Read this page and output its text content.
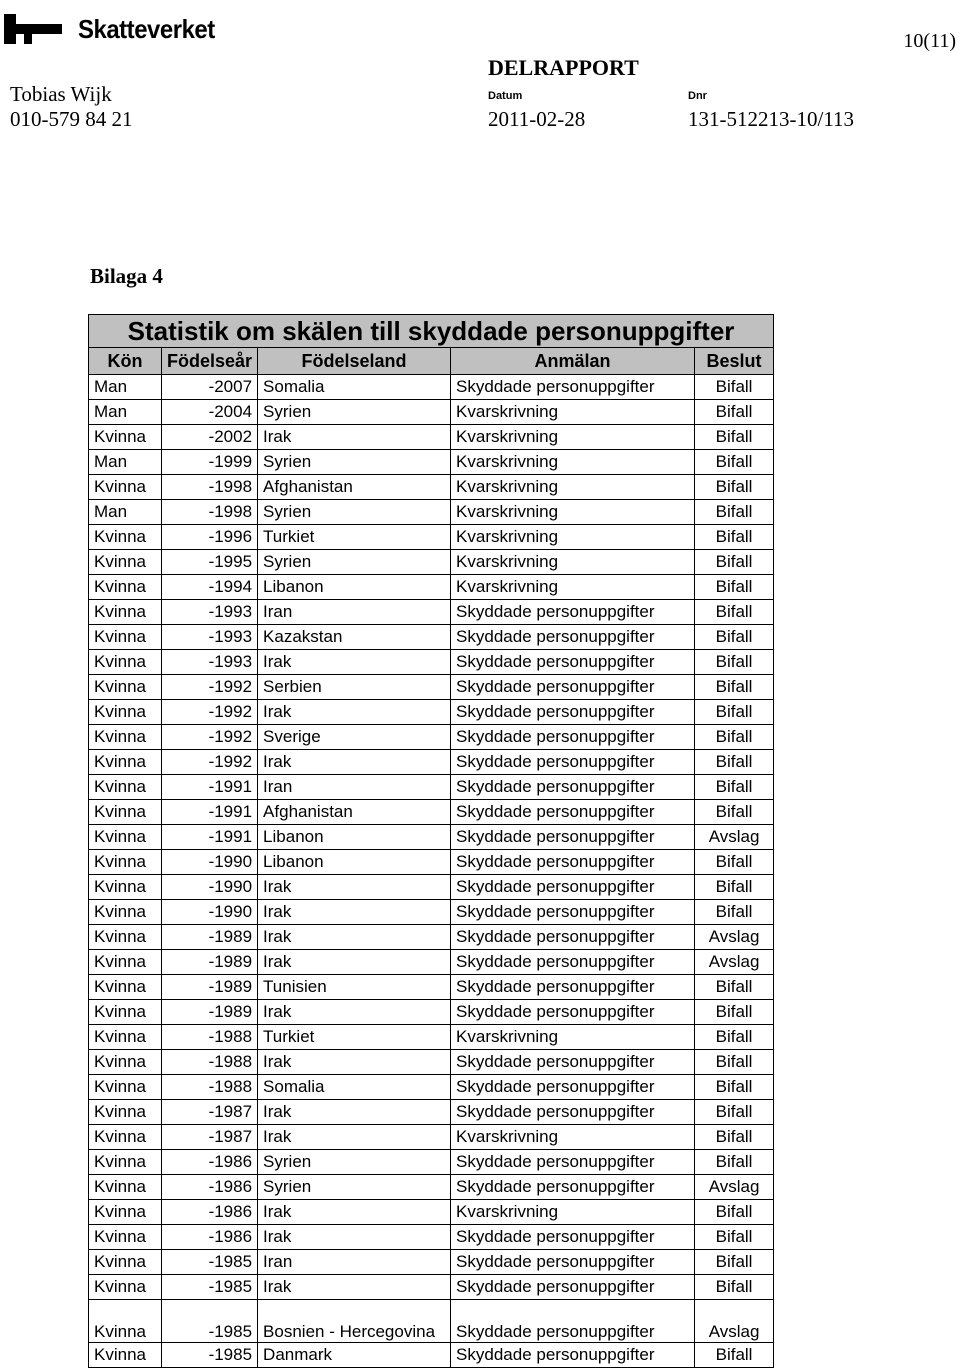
Skatteverket	10(11)
DELRAPPORT
Tobias Wijk
010-579 84 21
Datum	Dnr
2011-02-28	131-512213-10/113
Bilaga 4
Statistik om skälen till skyddade personuppgifter				
Kön	Födelseår	Födelseland	Anmälan	Beslut
Man	-2007	Somalia	Skyddade personuppgifter	Bifall
Man	-2004	Syrien	Kvarskrivning	Bifall
Kvinna	-2002	Irak	Kvarskrivning	Bifall
Man	-1999	Syrien	Kvarskrivning	Bifall
Kvinna	-1998	Afghanistan	Kvarskrivning	Bifall
Man	-1998	Syrien	Kvarskrivning	Bifall
Kvinna	-1996	Turkiet	Kvarskrivning	Bifall
Kvinna	-1995	Syrien	Kvarskrivning	Bifall
Kvinna	-1994	Libanon	Kvarskrivning	Bifall
Kvinna	-1993	Iran	Skyddade personuppgifter	Bifall
Kvinna	-1993	Kazakstan	Skyddade personuppgifter	Bifall
Kvinna	-1993	Irak	Skyddade personuppgifter	Bifall
Kvinna	-1992	Serbien	Skyddade personuppgifter	Bifall
Kvinna	-1992	Irak	Skyddade personuppgifter	Bifall
Kvinna	-1992	Sverige	Skyddade personuppgifter	Bifall
Kvinna	-1992	Irak	Skyddade personuppgifter	Bifall
Kvinna	-1991	Iran	Skyddade personuppgifter	Bifall
Kvinna	-1991	Afghanistan	Skyddade personuppgifter	Bifall
Kvinna	-1991	Libanon	Skyddade personuppgifter	Avslag
Kvinna	-1990	Libanon	Skyddade personuppgifter	Bifall
Kvinna	-1990	Irak	Skyddade personuppgifter	Bifall
Kvinna	-1990	Irak	Skyddade personuppgifter	Bifall
Kvinna	-1989	Irak	Skyddade personuppgifter	Avslag
Kvinna	-1989	Irak	Skyddade personuppgifter	Avslag
Kvinna	-1989	Tunisien	Skyddade personuppgifter	Bifall
Kvinna	-1989	Irak	Skyddade personuppgifter	Bifall
Kvinna	-1988	Turkiet	Kvarskrivning	Bifall
Kvinna	-1988	Irak	Skyddade personuppgifter	Bifall
Kvinna	-1988	Somalia	Skyddade personuppgifter	Bifall
Kvinna	-1987	Irak	Skyddade personuppgifter	Bifall
Kvinna	-1987	Irak	Kvarskrivning	Bifall
Kvinna	-1986	Syrien	Skyddade personuppgifter	Bifall
Kvinna	-1986	Syrien	Skyddade personuppgifter	Avslag
Kvinna	-1986	Irak	Kvarskrivning	Bifall
Kvinna	-1986	Irak	Skyddade personuppgifter	Bifall
Kvinna	-1985	Iran	Skyddade personuppgifter	Bifall
Kvinna	-1985	Irak	Skyddade personuppgifter	Bifall
Kvinna	-1985	Bosnien - Hercegovina	Skyddade personuppgifter	Avslag
Kvinna	-1985	Danmark	Skyddade personuppgifter	Bifall
